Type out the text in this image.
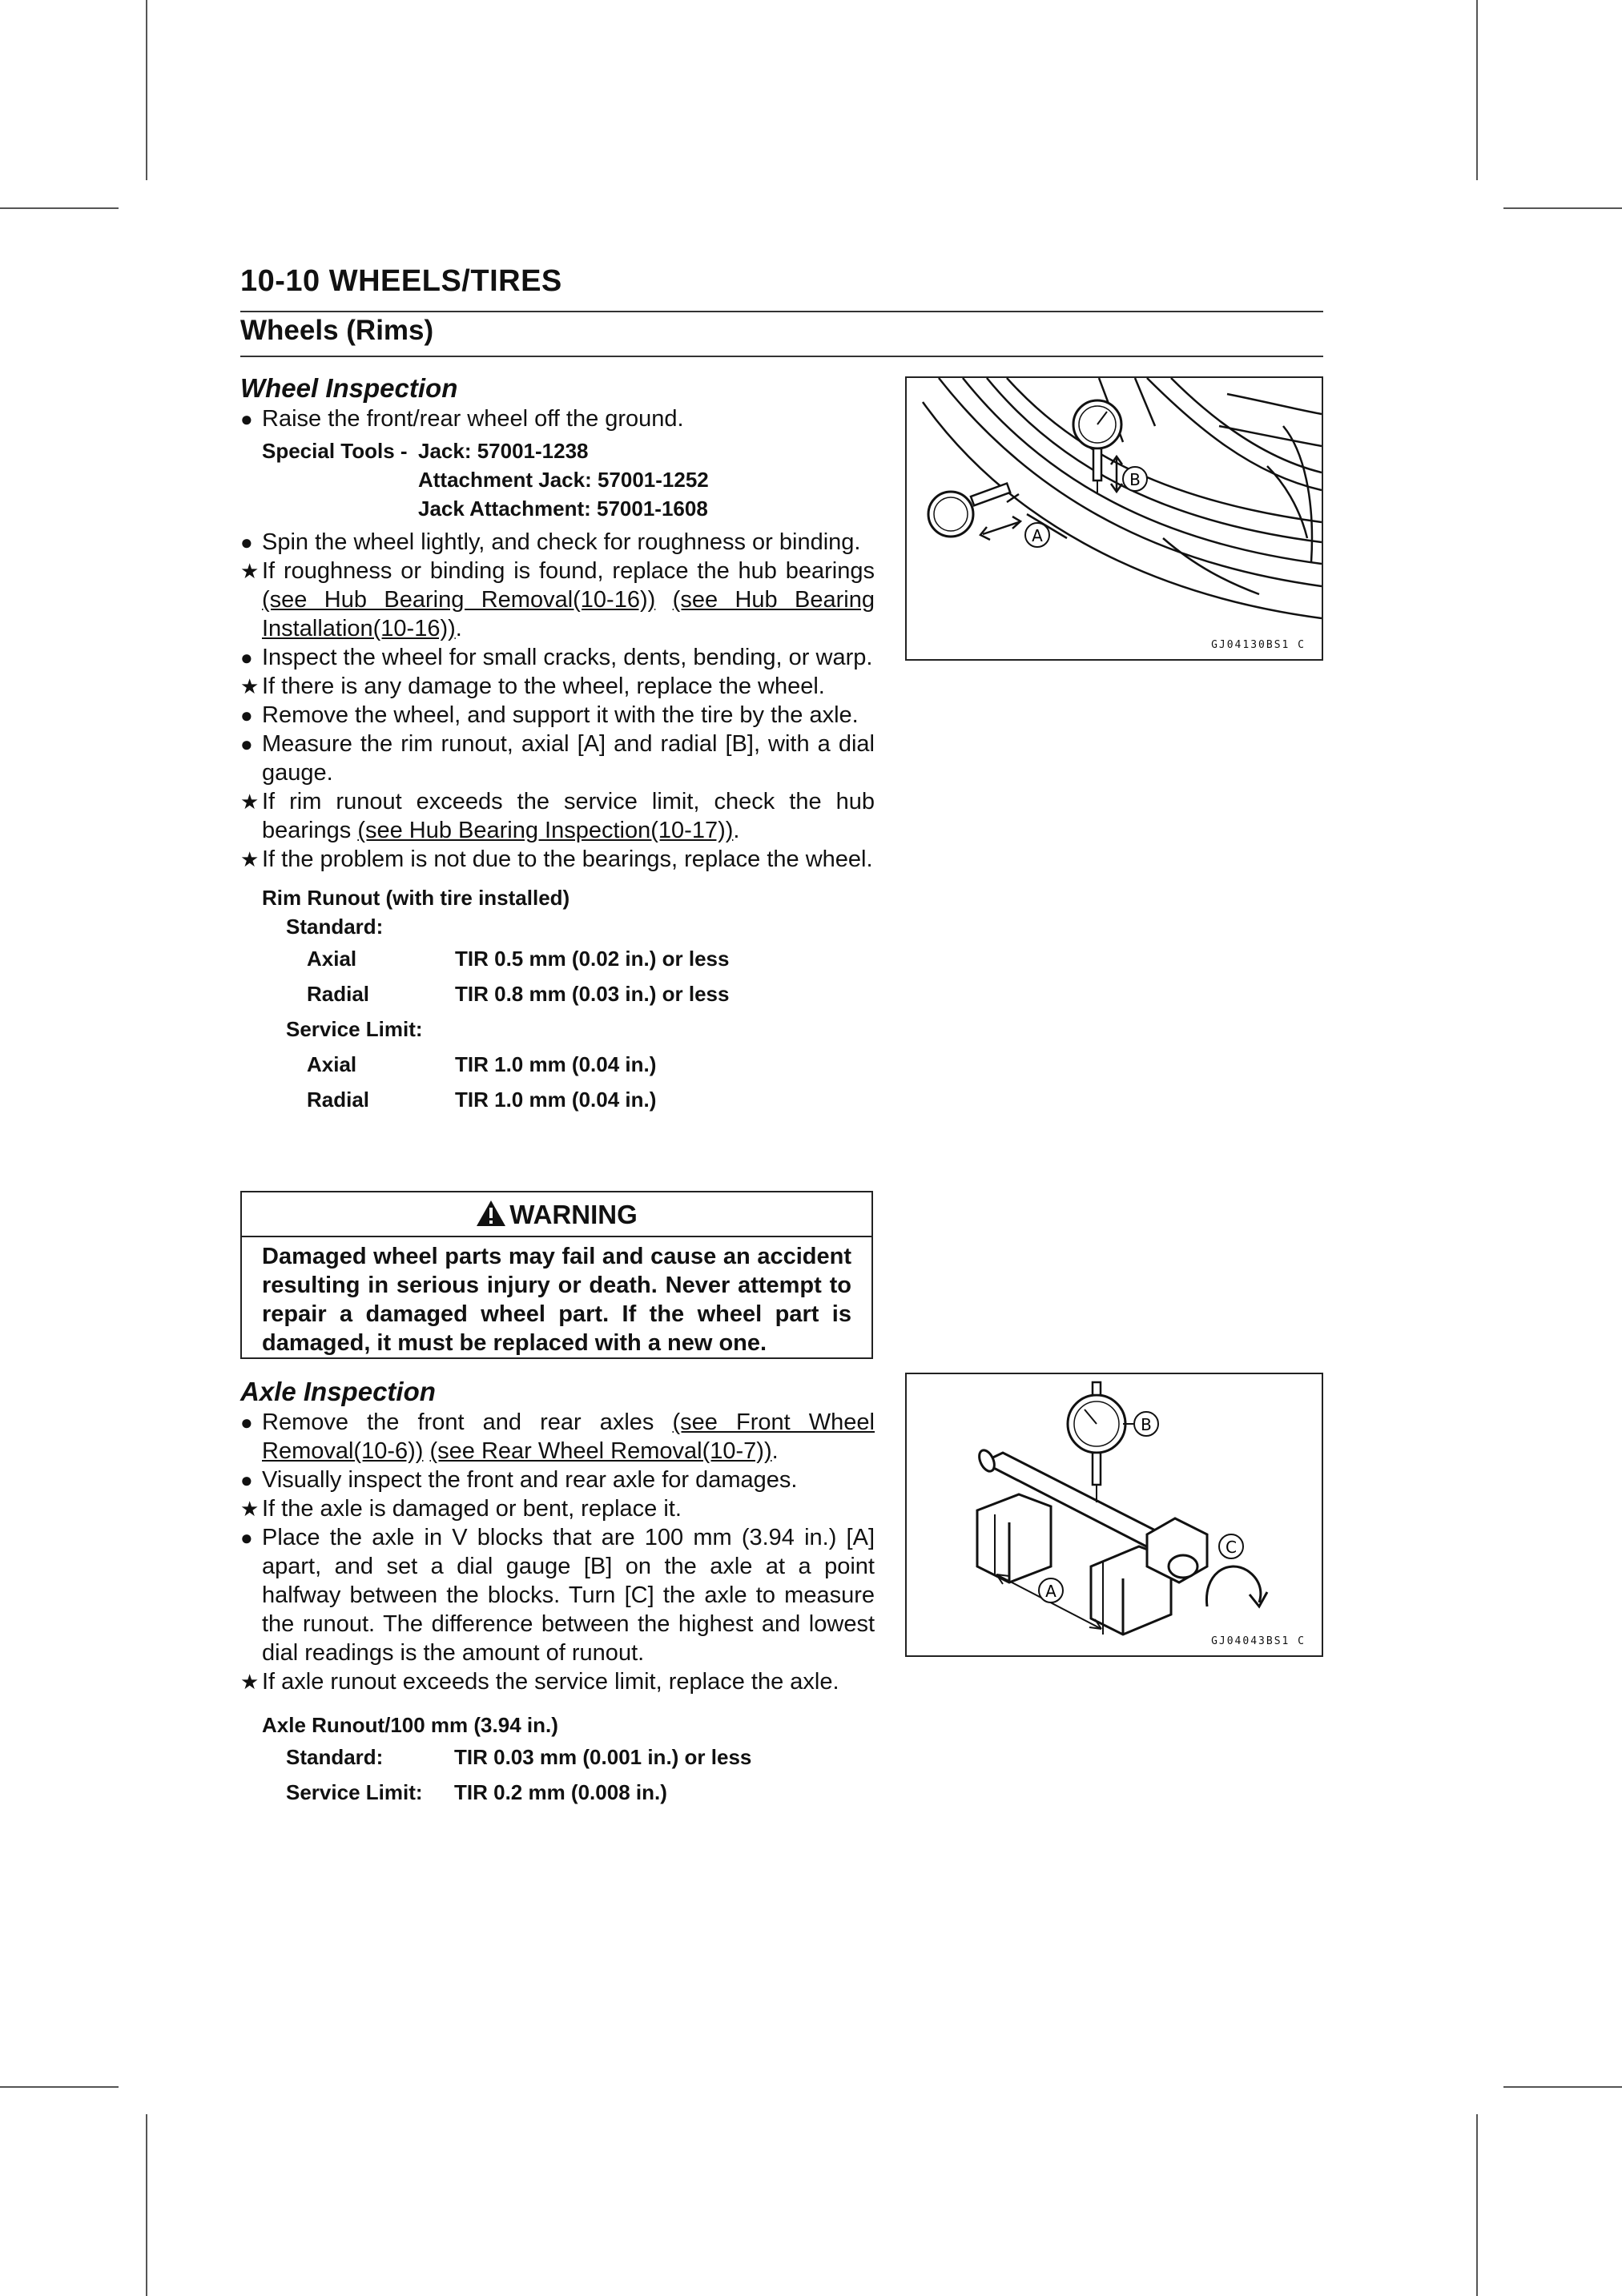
10-10 WHEELS/TIRES
Wheels (Rims)

Wheel Inspection

● Raise the front/rear wheel off the ground.

Special Tools - Jack: 57001-1238
Attachment Jack: 57001-1252
Jack Attachment: 57001-1608

● Spin the wheel lightly, and check for roughness or binding.

★ If roughness or binding is found, replace the hub bearings (see Hub Bearing Removal(10-16)) (see Hub Bearing Installation(10-16)).

● Inspect the wheel for small cracks, dents, bending, or warp.

★ If there is any damage to the wheel, replace the wheel.

● Remove the wheel, and support it with the tire by the axle.

● Measure the rim runout, axial [A] and radial [B], with a dial gauge.

★ If rim runout exceeds the service limit, check the hub bearings (see Hub Bearing Inspection(10-17)).

★ If the problem is not due to the bearings, replace the wheel.

Rim Runout (with tire installed)
Standard:
Axial	TIR 0.5 mm (0.02 in.) or less
Radial	TIR 0.8 mm (0.03 in.) or less
Service Limit:
Axial	TIR 1.0 mm (0.04 in.)
Radial	TIR 1.0 mm (0.04 in.)
WARNING
Damaged wheel parts may fail and cause an accident resulting in serious injury or death. Never attempt to repair a damaged wheel part. If the wheel part is damaged, it must be replaced with a new one.

Axle Inspection

● Remove the front and rear axles (see Front Wheel Removal(10-6)) (see Rear Wheel Removal(10-7)).

● Visually inspect the front and rear axle for damages.

★ If the axle is damaged or bent, replace it.

● Place the axle in V blocks that are 100 mm (3.94 in.) [A] apart, and set a dial gauge [B] on the axle at a point halfway between the blocks. Turn [C] the axle to measure the runout. The difference between the highest and lowest dial readings is the amount of runout.

★ If axle runout exceeds the service limit, replace the axle.

Axle Runout/100 mm (3.94 in.)
Standard:	TIR 0.03 mm (0.001 in.) or less
Service Limit:	TIR 0.2 mm (0.008 in.)
B
A
GJ04130BS1 C
B
C
A
GJ04043BS1 C
